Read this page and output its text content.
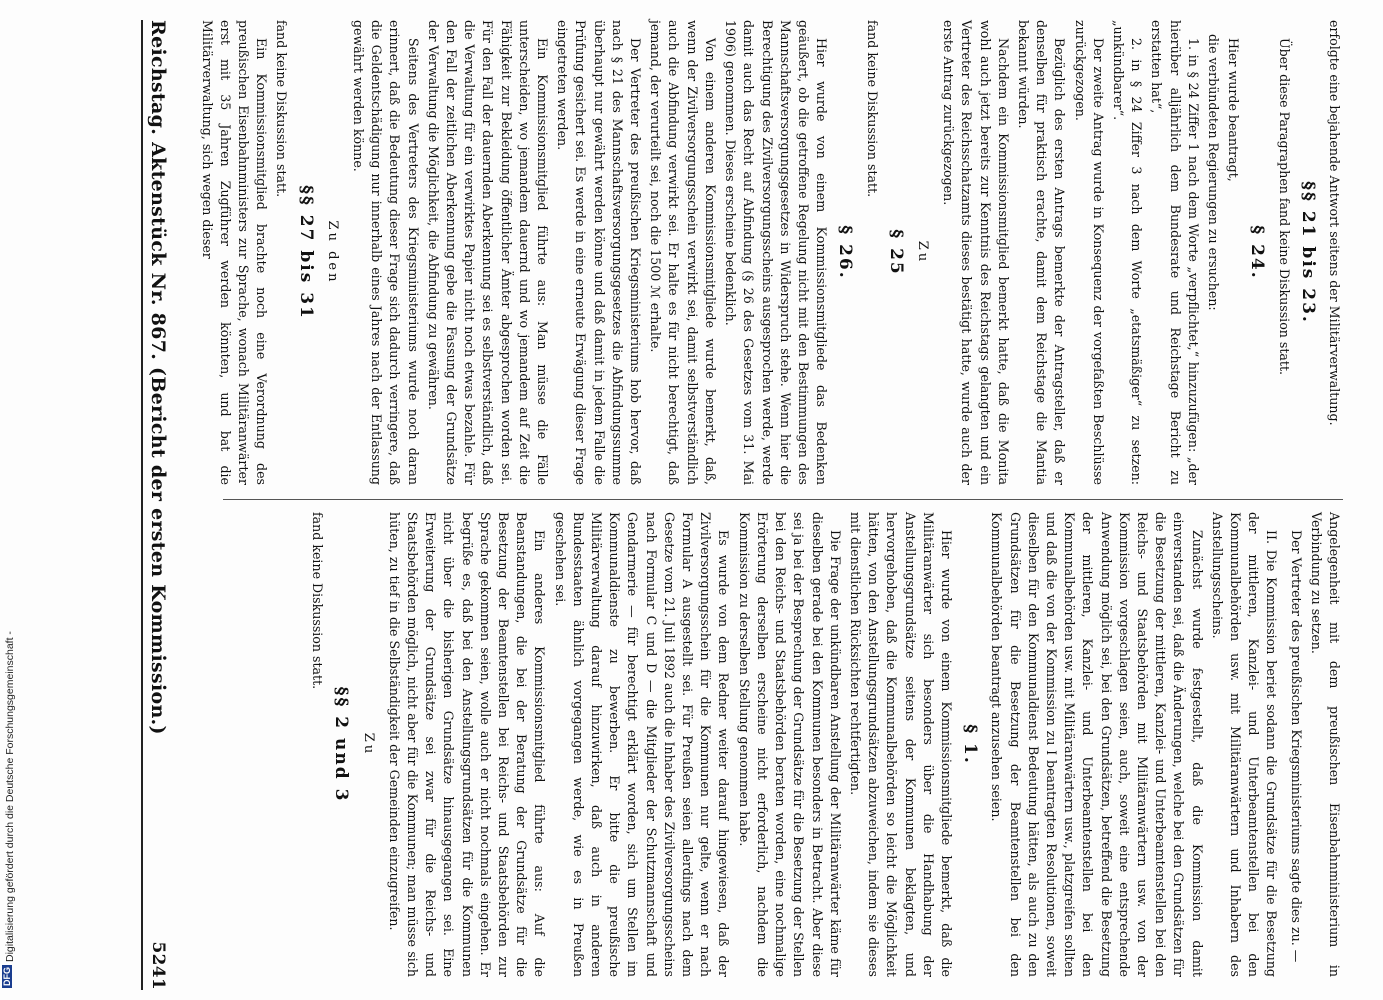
Reichstag. Aktenstück Nr. 867. (Bericht der ersten Kommission.)
5241

erfolgte eine bejahende Antwort seitens der Militärverwaltung.

§§ 21 bis 23.

Über diese Paragraphen fand keine Diskussion statt.

§ 24.

Hier wurde beantragt,

die verbündeten Regierungen zu ersuchen:

1. in § 24 Ziffer 1 nach dem Worte „verpflichtet,“ hinzuzufügen: „der hierüber alljährlich dem Bundesrate und Reichstage Bericht zu erstatten hat“,

2. in § 24 Ziffer 3 nach dem Worte „etatsmäßiger“ zu setzen: „unkündbarer“.

Der zweite Antrag wurde in Konsequenz der vorgefaßten Beschlüsse zurückgezogen.

Bezüglich des ersten Antrags bemerkte der Antragsteller, daß er denselben für praktisch erachte, damit dem Reichstage die Mantia bekannt würden.

Nachdem ein Kommissionsmitglied bemerkt hatte, daß die Monita wohl auch jetzt bereits zur Kenntnis des Reichstags gelangten und ein Vertreter des Reichsschatzamts dieses bestätigt hatte, wurde auch der erste Antrag zurückgezogen.

Zu
§ 25

fand keine Diskussion statt.

§ 26.

Hier wurde von einem Kommissionsmitgliede das Bedenken geäußert, ob die getroffene Regelung nicht mit den Bestimmungen des Mannschaftsversorgungsgesetzes in Widerspruch stehe. Wenn hier die Berechtigung des Zivilversorgungsscheins ausgesprochen werde, werde damit auch das Recht auf Abfindung (§ 26 des Gesetzes vom 31. Mai 1906) genommen. Dieses erscheine bedenklich.

Von einem anderen Kommissionsmitgliede wurde bemerkt, daß, wenn der Zivilversorgungsschein verwirkt sei, damit selbstverständlich auch die Abfindung verwirkt sei. Er halte es für nicht berechtigt, daß jemand, der verurteilt sei, noch die 1500 ℳ erhalte.

Der Vertreter des preußischen Kriegsministeriums hob hervor, daß nach § 21 des Mannschaftsversorgungsgesetzes die Abfindungssumme überhaupt nur gewährt werden könne und daß damit in jedem Falle die Prüfung gesichert sei. Es werde in eine erneute Erwägung dieser Frage eingetreten werden.

Ein Kommissionsmitglied führte aus: Man müsse die Fälle unterscheiden, wo jemandem dauernd und wo jemandem auf Zeit die Fähigkeit zur Bekleidung öffentlicher Ämter abgesprochen worden sei. Für den Fall der dauernden Aberkennung sei es selbstverständlich, daß die Verwaltung für ein verwirktes Papier nicht noch etwas bezahle. Für den Fall der zeitlichen Aberkennung gebe die Fassung der Grundsätze der Verwaltung die Möglichkeit, die Abfindung zu gewähren.

Seitens des Vertreters des Kriegsministeriums wurde noch daran erinnert, daß die Bedeutung dieser Frage sich dadurch verringere, daß die Geldentschädigung nur innerhalb eines Jahres nach der Entlassung gewährt werden könne.

Zu den
§§ 27 bis 31

fand keine Diskussion statt.

Ein Kommissionsmitglied brachte noch eine Verordnung des preußischen Eisenbahnministers zur Sprache, wonach Militäranwärter erst mit 35 Jahren Zugführer werden könnten, und bat die Militärverwaltung, sich wegen dieser

Angelegenheit mit dem preußischen Eisenbahnministerium in Verbindung zu setzen.

Der Vertreter des preußischen Kriegsministeriums sagte dies zu. —

II. Die Kommission beriet sodann die Grundsätze für die Besetzung der mittleren, Kanzlei- und Unterbeamtenstellen bei den Kommunalbehörden usw. mit Militäranwärtern und Inhabern des Anstellungsscheins.

Zunächst wurde festgestellt, daß die Kommission damit einverstanden sei, daß die Änderungen, welche bei den Grundsätzen für die Besetzung der mittleren, Kanzlei- und Unterbeamtenstellen bei den Reichs- und Staatsbehörden mit Militäranwärtern usw. von der Kommission vorgeschlagen seien, auch, soweit eine entsprechende Anwendung möglich sei, bei den Grundsätzen, betreffend die Besetzung der mittleren, Kanzlei- und Unterbeamtenstellen bei den Kommunalbehörden usw. mit Militäranwärtern usw., platzgreifen sollten und daß die von der Kommission zu I beantragten Resolutionen, soweit dieselben für den Kommunaldienst Bedeutung hätten, als auch zu den Grundsätzen für die Besetzung der Beamtenstellen bei den Kommunalbehörden beantragt anzusehen seien.

§ 1.

Hier wurde von einem Kommissionsmitgliede bemerkt, daß die Militäranwärter sich besonders über die Handhabung der Anstellungsgrundsätze seitens der Kommunen beklagten, und hervorgehoben, daß die Kommunalbehörden so leicht die Möglichkeit hätten, von den Anstellungsgrundsätzen abzuweichen, indem sie dieses mit dienstlichen Rücksichten rechtfertigten.

Die Frage der unkündbaren Anstellung der Militäranwärter käme für dieselben gerade bei den Kommunen besonders in Betracht. Aber diese sei ja bei der Besprechung der Grundsätze für die Besetzung der Stellen bei den Reichs- und Staatsbehörden beraten worden, eine nochmalige Erörterung derselben erscheine nicht erforderlich, nachdem die Kommission zu derselben Stellung genommen habe.

Es wurde von dem Redner weiter darauf hingewiesen, daß der Zivilversorgungsschein für die Kommunen nur gelte, wenn er nach Formular A ausgestellt sei. Für Preußen seien allerdings nach dem Gesetze vom 21. Juli 1892 auch die Inhaber des Zivilversorgungsscheins nach Formular C und D — die Mitglieder der Schutzmannschaft und Gendarmerie — für berechtigt erklärt worden, sich um Stellen im Kommunaldienste zu bewerben. Er bitte die preußische Militärverwaltung darauf hinzuwirken, daß auch in anderen Bundesstaaten ähnlich vorgegangen werde, wie es in Preußen geschehen sei.

Ein anderes Kommissionsmitglied führte aus: Auf die Beanstandungen, die bei der Beratung der Grundsätze für die Besetzung der Beamtenstellen bei Reichs- und Staatsbehörden zur Sprache gekommen seien, wolle auch er nicht nochmals eingehen. Er begrüße es, daß bei den Anstellungsgrundsätzen für die Kommunen nicht über die bisherigen Grundsätze hinausgegangen sei. Eine Erweiterung der Grundsätze sei zwar für die Reichs- und Staatsbehörden möglich, nicht aber für die Kommunen; man müsse sich hüten, zu tief in die Selbständigkeit der Gemeinden einzugreifen.

Zu
§§ 2 und 3

fand keine Diskussion statt.

Digitalisierung gefördert durch die Deutsche Forschungsgemeinschaft -
DFG
